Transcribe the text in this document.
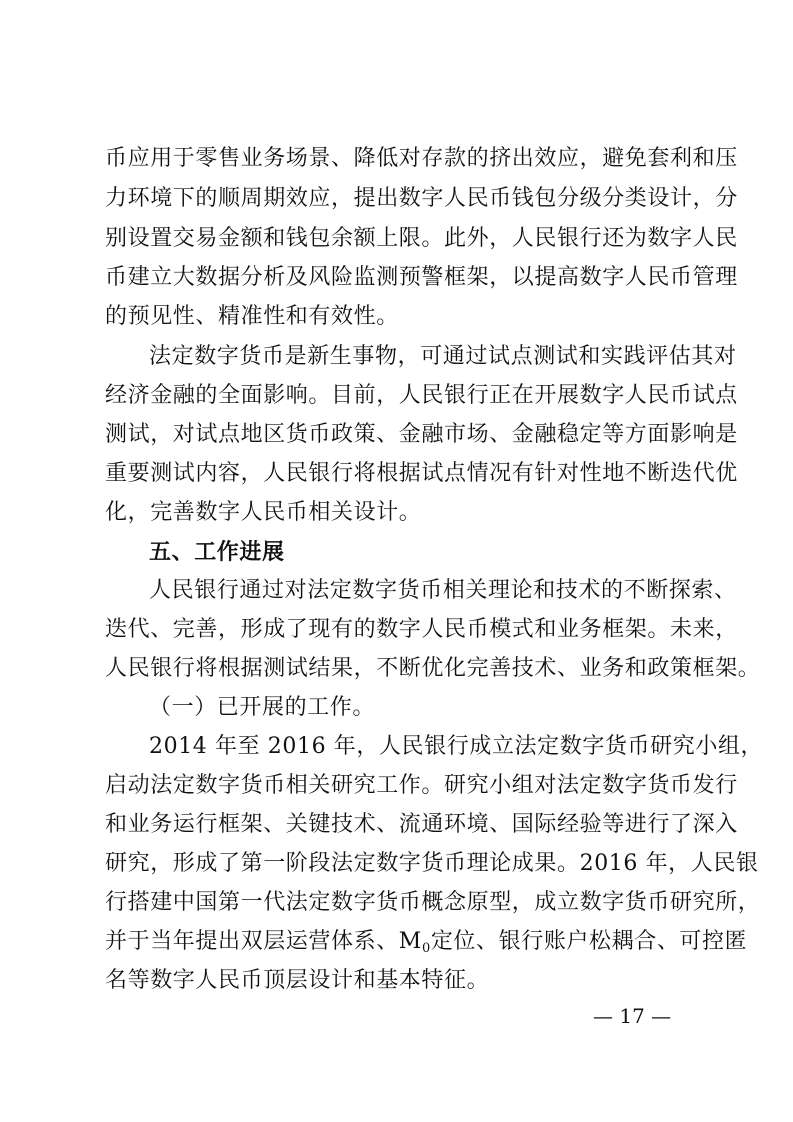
币应用于零售业务场景、降低对存款的挤出效应，避免套利和压
力环境下的顺周期效应，提出数字人民币钱包分级分类设计，分
别设置交易金额和钱包余额上限。此外，人民银行还为数字人民
币建立大数据分析及风险监测预警框架，以提高数字人民币管理
的预见性、精准性和有效性。
法定数字货币是新生事物，可通过试点测试和实践评估其对
经济金融的全面影响。目前，人民银行正在开展数字人民币试点
测试，对试点地区货币政策、金融市场、金融稳定等方面影响是
重要测试内容，人民银行将根据试点情况有针对性地不断迭代优
化，完善数字人民币相关设计。
五、工作进展
人民银行通过对法定数字货币相关理论和技术的不断探索、
迭代、完善，形成了现有的数字人民币模式和业务框架。未来，
人民银行将根据测试结果，不断优化完善技术、业务和政策框架。
（一）已开展的工作。
2014 年至 2016 年，人民银行成立法定数字货币研究小组，
启动法定数字货币相关研究工作。研究小组对法定数字货币发行
和业务运行框架、关键技术、流通环境、国际经验等进行了深入
研究，形成了第一阶段法定数字货币理论成果。2016 年，人民银
行搭建中国第一代法定数字货币概念原型，成立数字货币研究所，
并于当年提出双层运营体系、$M_0$定位、银行账户松耦合、可控匿
名等数字人民币顶层设计和基本特征。
— 17 —
